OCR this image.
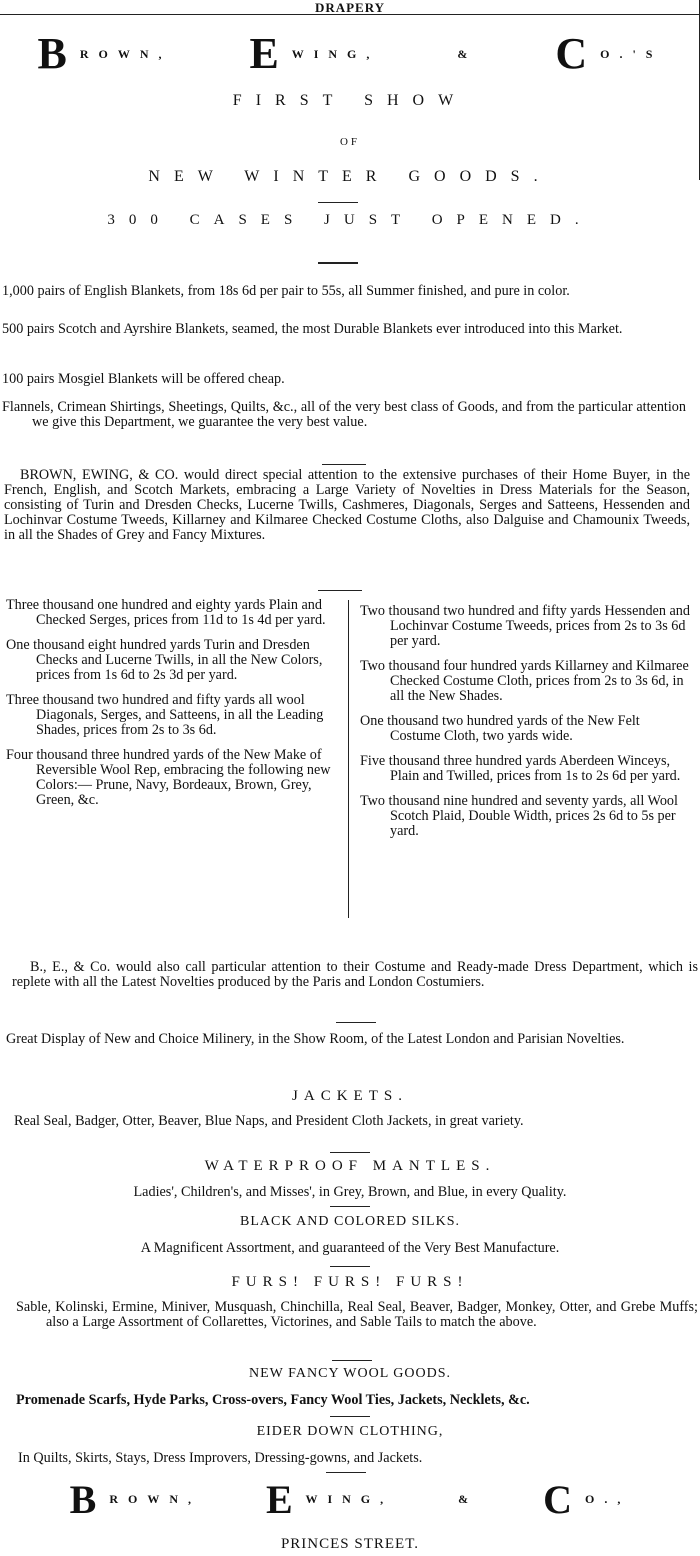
DRAPERY
B ROWN, E WING,	& C O.'S
FIRST SHOW
OF
NEW WINTER GOODS.
300 CASES JUST OPENED.
1,000 pairs of English Blankets, from 18s 6d per pair to 55s, all Summer finished, and pure in color.
500 pairs Scotch and Ayrshire Blankets, seamed, the most Durable Blankets ever introduced into this Market.
100 pairs Mosgiel Blankets will be offered cheap.
Flannels, Crimean Shirtings, Sheetings, Quilts, &c., all of the very best class of Goods, and from the particular attention we give this Department, we guarantee the very best value.
BROWN, EWING, & CO. would direct special attention to the extensive purchases of their Home Buyer, in the French, English, and Scotch Markets, embracing a Large Variety of Novelties in Dress Materials for the Season, consisting of Turin and Dresden Checks, Lucerne Twills, Cashmeres, Diagonals, Serges and Satteens, Hessenden and Lochinvar Costume Tweeds, Killarney and Kilmaree Checked Costume Cloths, also Dalguise and Chamounix Tweeds, in all the Shades of Grey and Fancy Mixtures.
Three thousand one hundred and eighty yards Plain and Checked Serges, prices from 11d to 1s 4d per yard.
One thousand eight hundred yards Turin and Dresden Checks and Lucerne Twills, in all the New Colors, prices from 1s 6d to 2s 3d per yard.
Three thousand two hundred and fifty yards all wool Diagonals, Serges, and Satteens, in all the Leading Shades, prices from 2s to 3s 6d.
Four thousand three hundred yards of the New Make of Reversible Wool Rep, embracing the following new Colors:— Prune, Navy, Bordeaux, Brown, Grey, Green, &c.
Two thousand two hundred and fifty yards Hessenden and Lochinvar Costume Tweeds, prices from 2s to 3s 6d per yard.
Two thousand four hundred yards Killarney and Kilmaree Checked Costume Cloth, prices from 2s to 3s 6d, in all the New Shades.
One thousand two hundred yards of the New Felt Costume Cloth, two yards wide.
Five thousand three hundred yards Aberdeen Winceys, Plain and Twilled, prices from 1s to 2s 6d per yard.
Two thousand nine hundred and seventy yards, all Wool Scotch Plaid, Double Width, prices 2s 6d to 5s per yard.
B., E., & Co. would also call particular attention to their Costume and Ready-made Dress Department, which is replete with all the Latest Novelties produced by the Paris and London Costumiers.
Great Display of New and Choice Milinery, in the Show Room, of the Latest London and Parisian Novelties.
JACKETS.
Real Seal, Badger, Otter, Beaver, Blue Naps, and President Cloth Jackets, in great variety.
WATERPROOF MANTLES.
Ladies', Children's, and Misses', in Grey, Brown, and Blue, in every Quality.
BLACK AND COLORED SILKS.
A Magnificent Assortment, and guaranteed of the Very Best Manufacture.
FURS! FURS! FURS!
Sable, Kolinski, Ermine, Miniver, Musquash, Chinchilla, Real Seal, Beaver, Badger, Monkey, Otter, and Grebe Muffs; also a Large Assortment of Collarettes, Victorines, and Sable Tails to match the above.
NEW FANCY WOOL GOODS.
Promenade Scarfs, Hyde Parks, Cross-overs, Fancy Wool Ties, Jackets, Necklets, &c.
EIDER DOWN CLOTHING,
In Quilts, Skirts, Stays, Dress Improvers, Dressing-gowns, and Jackets.
B ROWN, E WING,	& C O.,
PRINCES STREET.
